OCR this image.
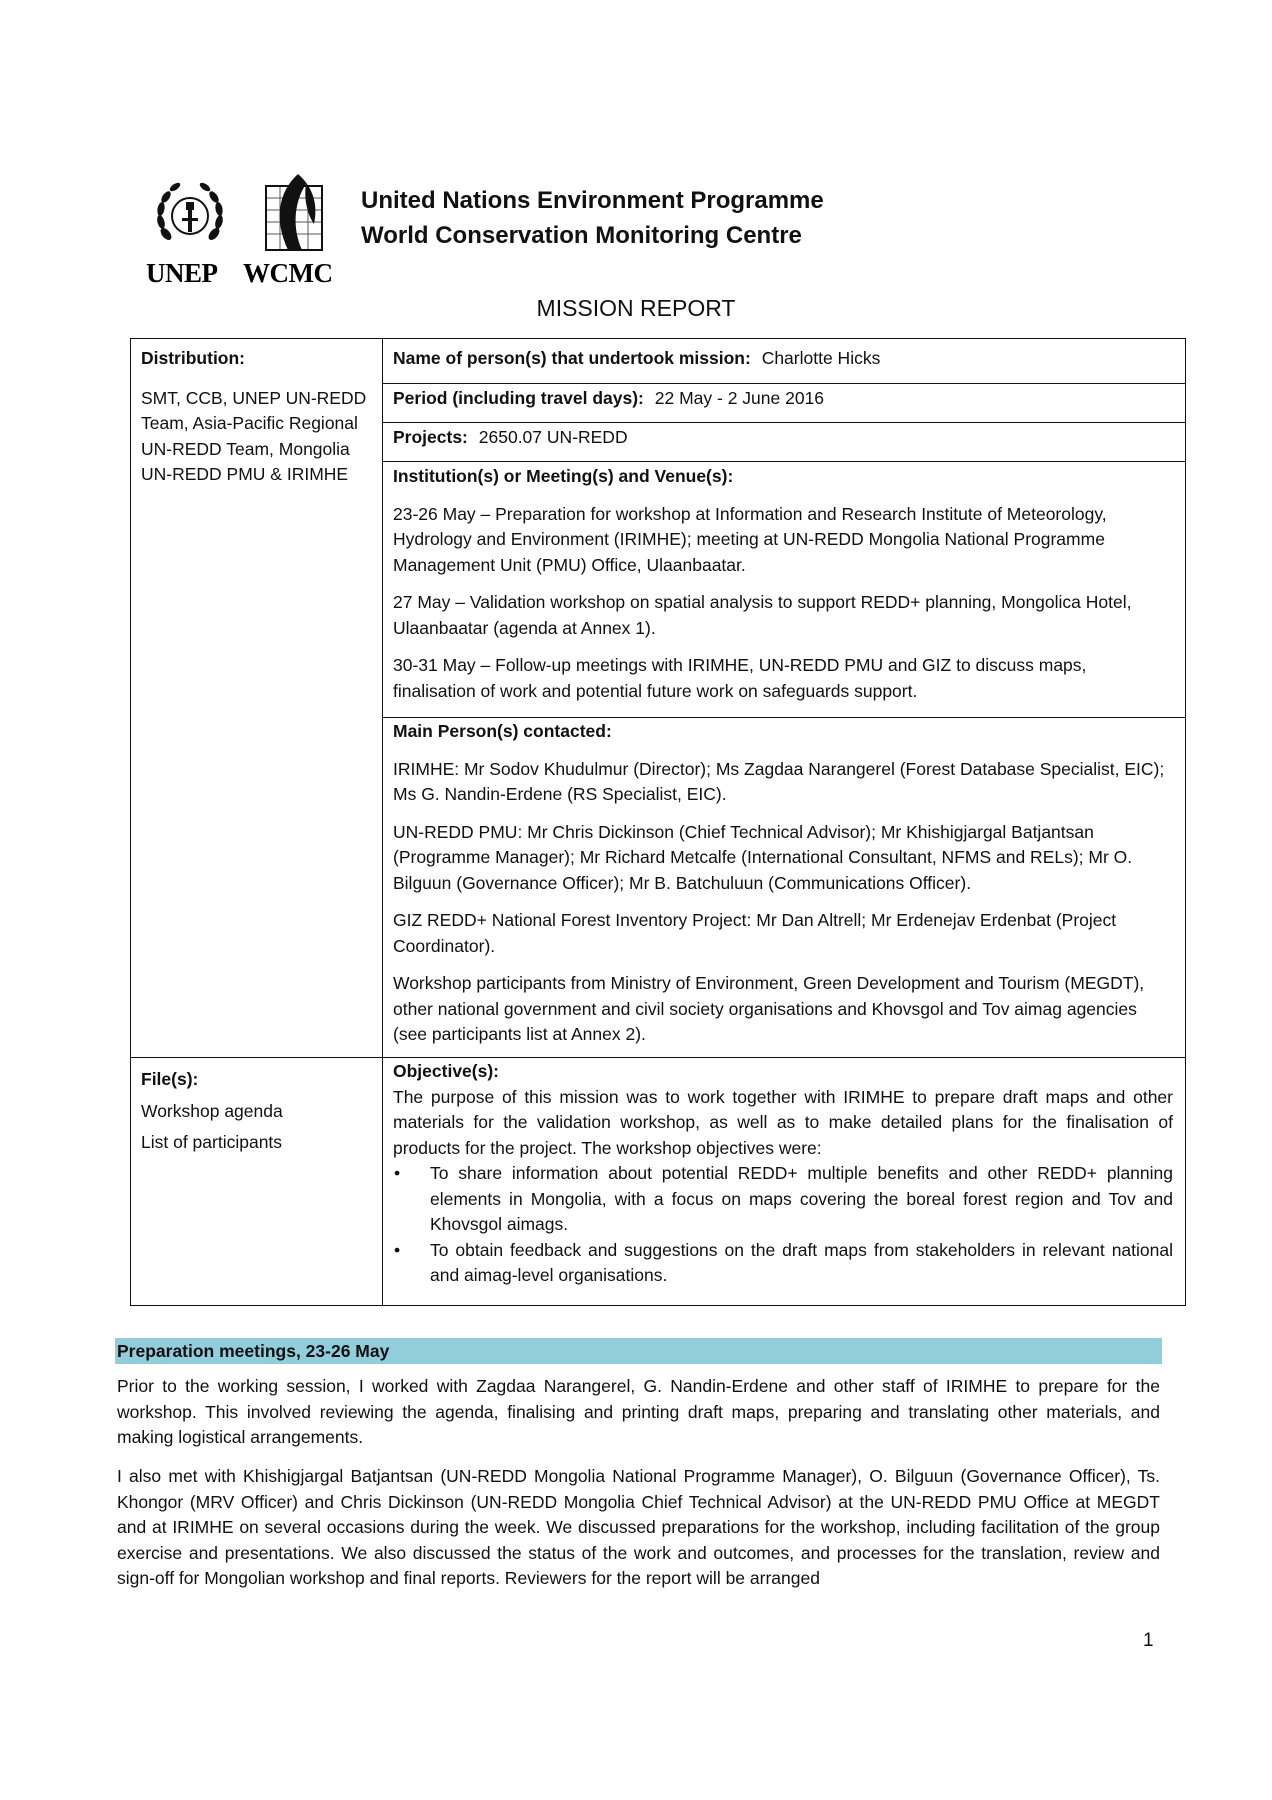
UNEP WCMC
United Nations Environment Programme
World Conservation Monitoring Centre
MISSION REPORT
Distribution:
SMT, CCB, UNEP UN-REDD Team, Asia-Pacific Regional UN-REDD Team, Mongolia UN-REDD PMU & IRIMHE
File(s):
Workshop agenda
List of participants
Name of person(s) that undertook mission: Charlotte Hicks
Period (including travel days): 22 May - 2 June 2016
Projects: 2650.07 UN-REDD
Institution(s) or Meeting(s) and Venue(s):

23-26 May – Preparation for workshop at Information and Research Institute of Meteorology, Hydrology and Environment (IRIMHE); meeting at UN-REDD Mongolia National Programme Management Unit (PMU) Office, Ulaanbaatar.

27 May – Validation workshop on spatial analysis to support REDD+ planning, Mongolica Hotel, Ulaanbaatar (agenda at Annex 1).

30-31 May – Follow-up meetings with IRIMHE, UN-REDD PMU and GIZ to discuss maps, finalisation of work and potential future work on safeguards support.

Main Person(s) contacted:

IRIMHE: Mr Sodov Khudulmur (Director); Ms Zagdaa Narangerel (Forest Database Specialist, EIC); Ms G. Nandin-Erdene (RS Specialist, EIC).

UN-REDD PMU: Mr Chris Dickinson (Chief Technical Advisor); Mr Khishigjargal Batjantsan (Programme Manager); Mr Richard Metcalfe (International Consultant, NFMS and RELs); Mr O. Bilguun (Governance Officer); Mr B. Batchuluun (Communications Officer).

GIZ REDD+ National Forest Inventory Project: Mr Dan Altrell; Mr Erdenejav Erdenbat (Project Coordinator).

Workshop participants from Ministry of Environment, Green Development and Tourism (MEGDT), other national government and civil society organisations and Khovsgol and Tov aimag agencies (see participants list at Annex 2).

Objective(s):

The purpose of this mission was to work together with IRIMHE to prepare draft maps and other materials for the validation workshop, as well as to make detailed plans for the finalisation of products for the project. The workshop objectives were:

• To share information about potential REDD+ multiple benefits and other REDD+ planning elements in Mongolia, with a focus on maps covering the boreal forest region and Tov and Khovsgol aimags.
• To obtain feedback and suggestions on the draft maps from stakeholders in relevant national and aimag-level organisations.
Preparation meetings, 23-26 May

Prior to the working session, I worked with Zagdaa Narangerel, G. Nandin-Erdene and other staff of IRIMHE to prepare for the workshop. This involved reviewing the agenda, finalising and printing draft maps, preparing and translating other materials, and making logistical arrangements.

I also met with Khishigjargal Batjantsan (UN-REDD Mongolia National Programme Manager), O. Bilguun (Governance Officer), Ts. Khongor (MRV Officer) and Chris Dickinson (UN-REDD Mongolia Chief Technical Advisor) at the UN-REDD PMU Office at MEGDT and at IRIMHE on several occasions during the week. We discussed preparations for the workshop, including facilitation of the group exercise and presentations. We also discussed the status of the work and outcomes, and processes for the translation, review and sign-off for Mongolian workshop and final reports. Reviewers for the report will be arranged

1
